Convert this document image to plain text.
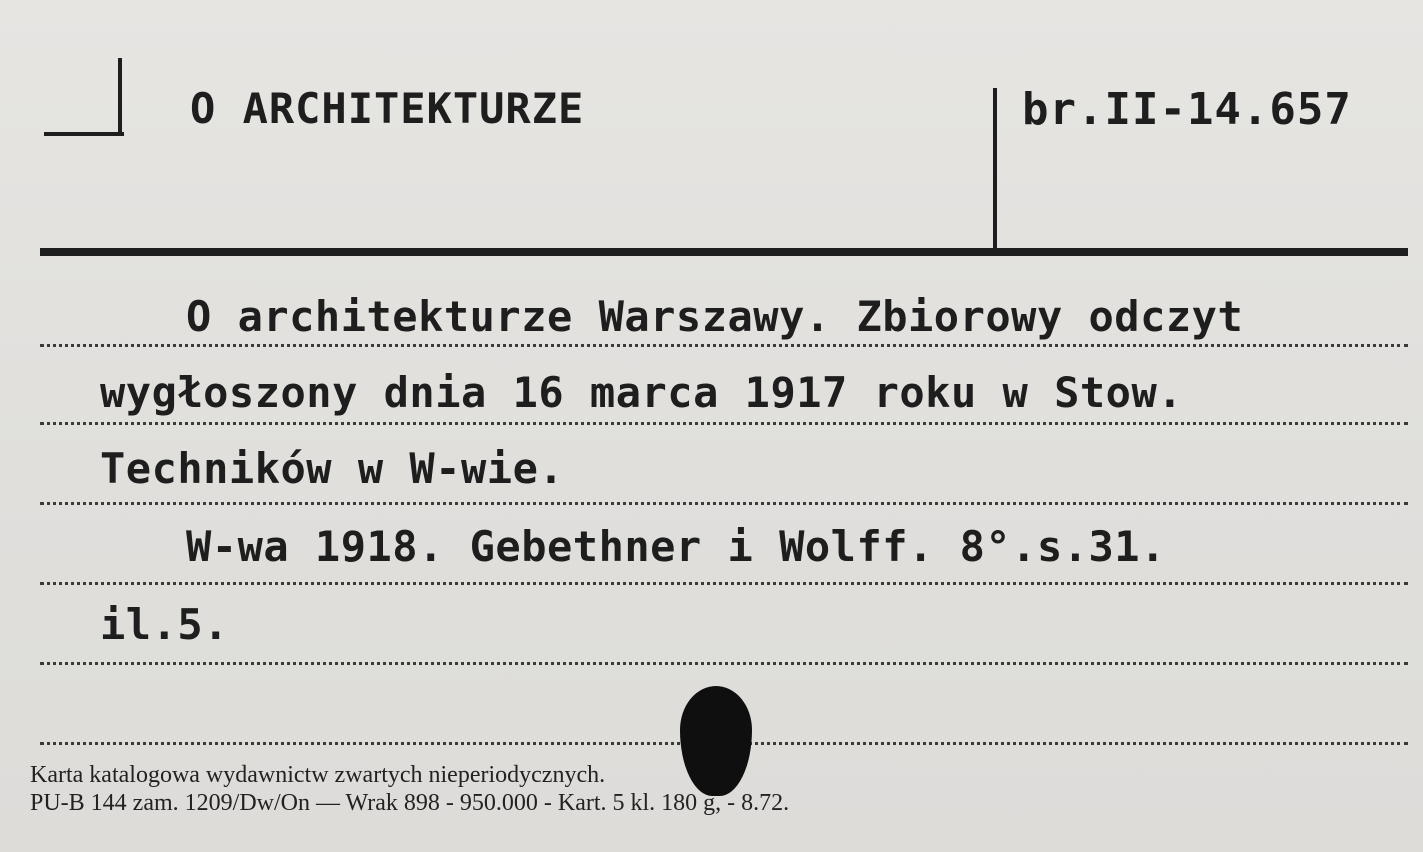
O ARCHITEKTURZE	br.II-14.657
O architekturze Warszawy. Zbiorowy odczyt
wygłoszony dnia 16 marca 1917 roku w Stow.
Techników w W-wie.
W-wa 1918. Gebethner i Wolff. 8°.s.31.
il.5.
Karta katalogowa wydawnictw zwartych nieperiodycznych.
PU-B 144 zam. 1209/Dw/On — Wrak 898 - 950.000 - Kart. 5 kl. 180 g, - 8.72.
